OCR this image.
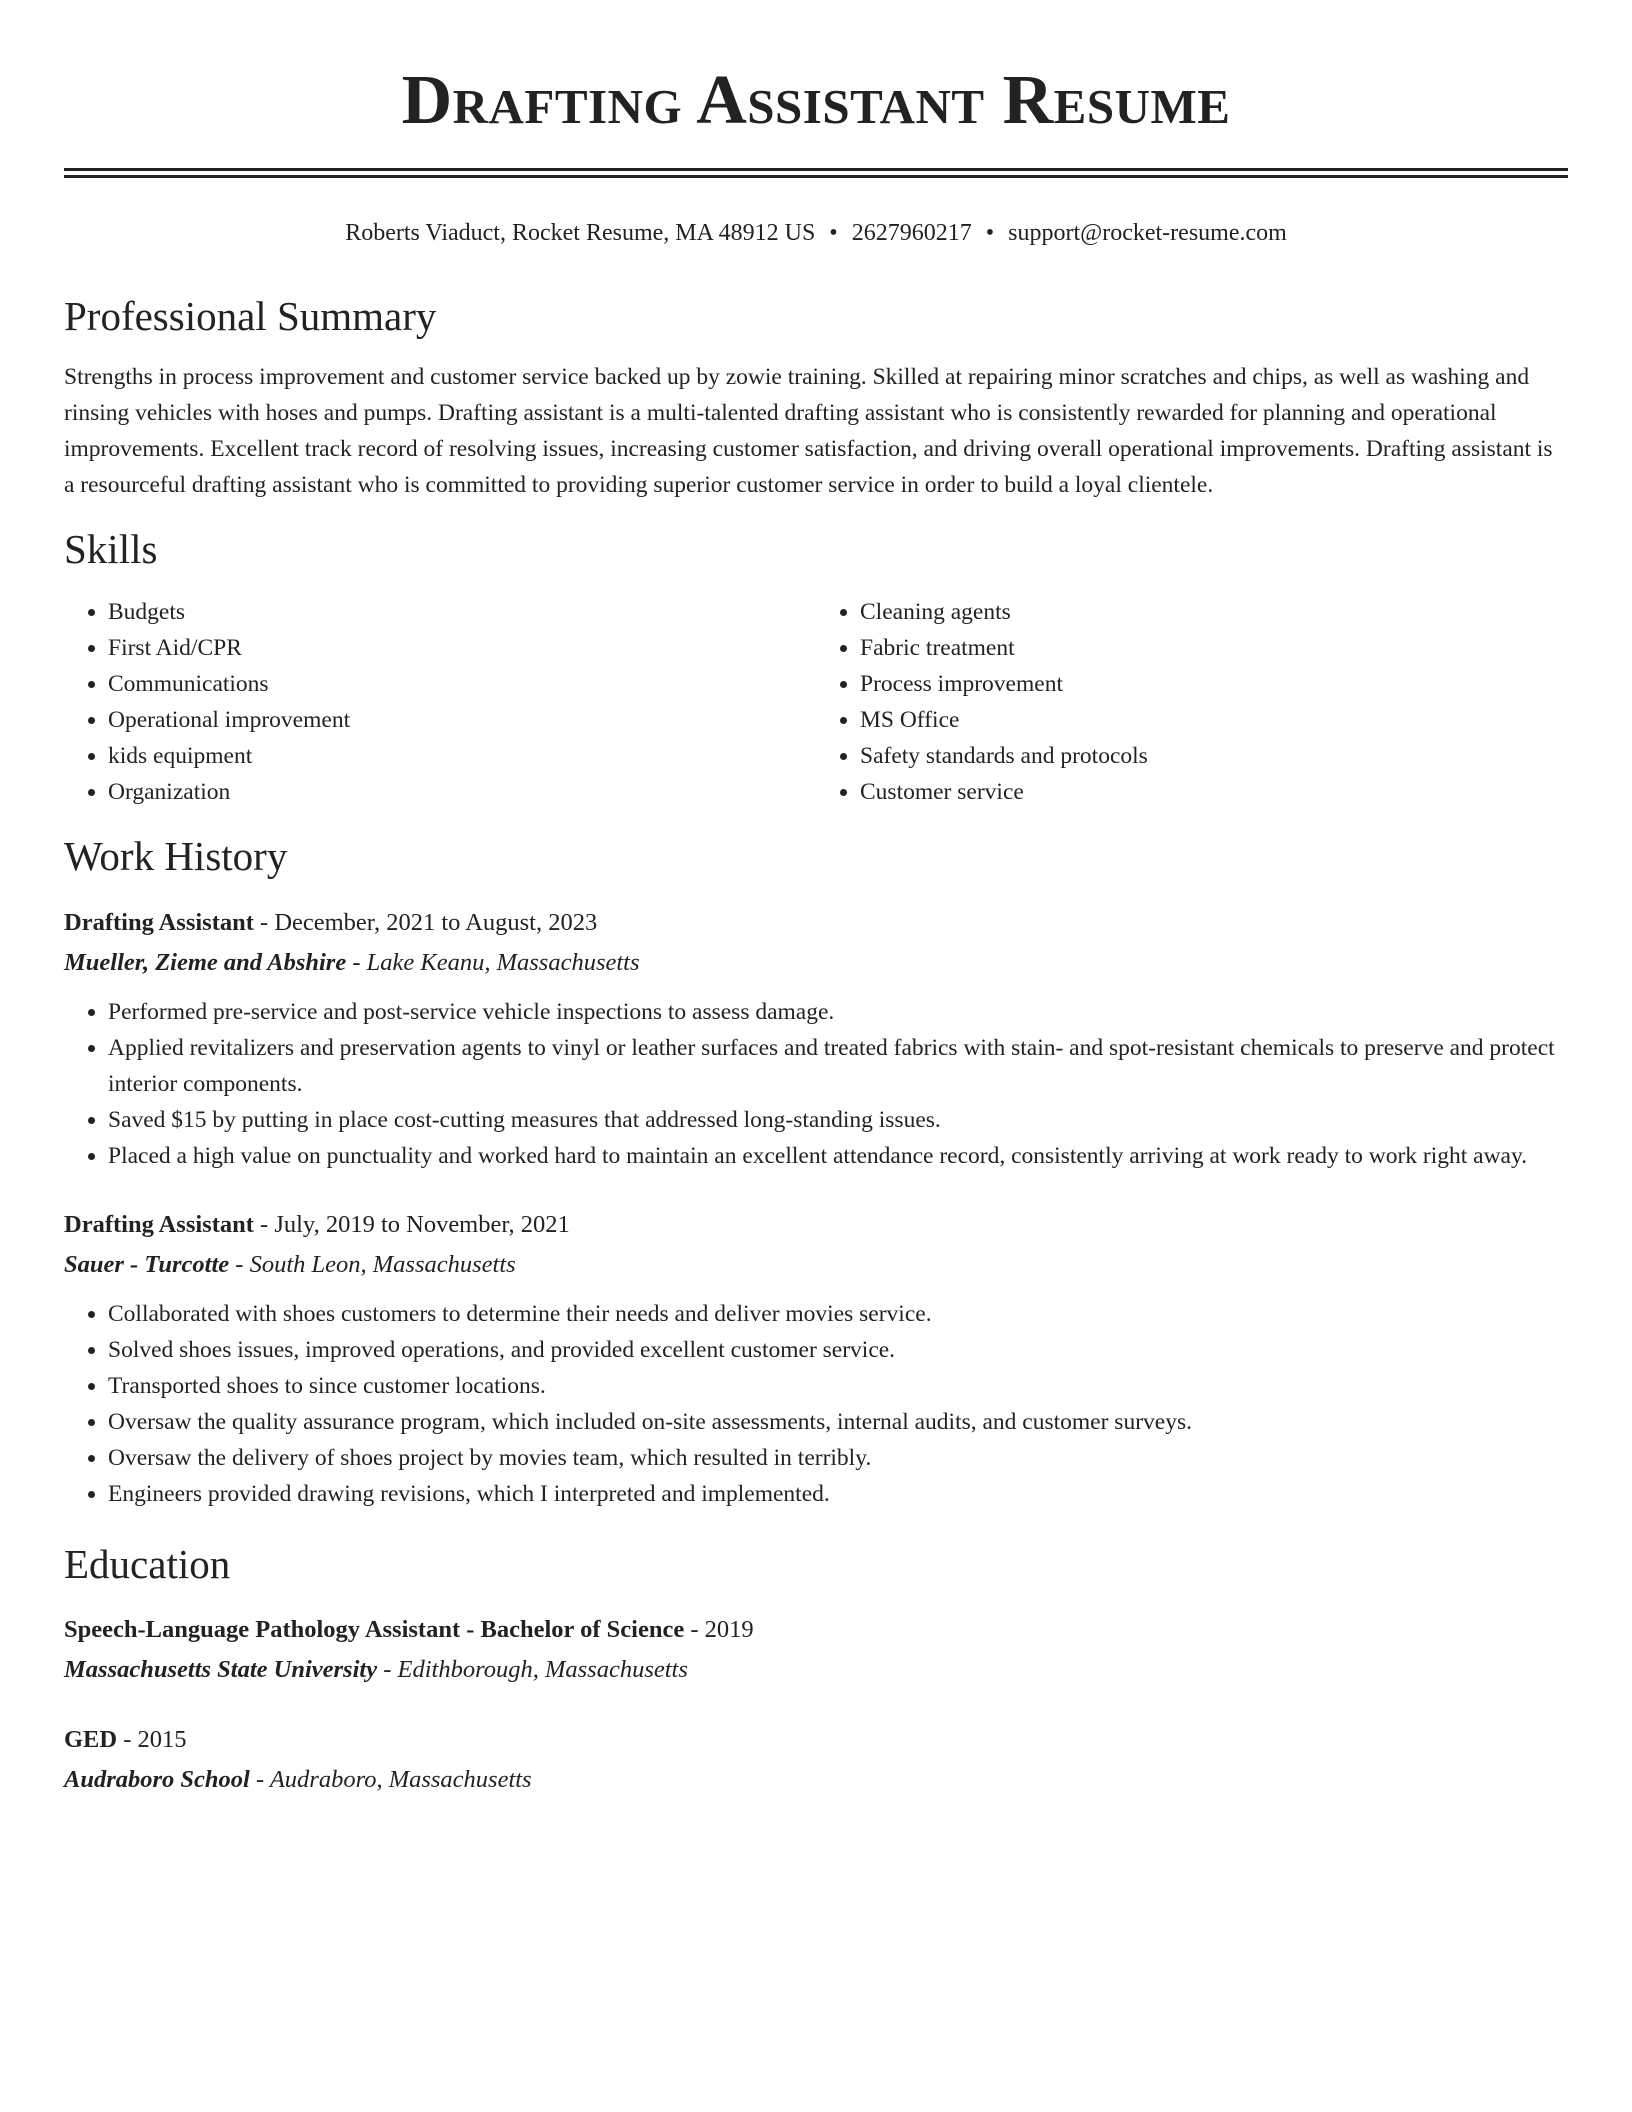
Drafting Assistant Resume
Roberts Viaduct, Rocket Resume, MA 48912 US • 2627960217 • support@rocket-resume.com
Professional Summary

Strengths in process improvement and customer service backed up by zowie training. Skilled at repairing minor scratches and chips, as well as washing and rinsing vehicles with hoses and pumps. Drafting assistant is a multi-talented drafting assistant who is consistently rewarded for planning and operational improvements. Excellent track record of resolving issues, increasing customer satisfaction, and driving overall operational improvements. Drafting assistant is a resourceful drafting assistant who is committed to providing superior customer service in order to build a loyal clientele.

Skills
• Budgets
• First Aid/CPR
• Communications
• Operational improvement
• kids equipment
• Organization
• Cleaning agents
• Fabric treatment
• Process improvement
• MS Office
• Safety standards and protocols
• Customer service
Work History
Drafting Assistant - December, 2021 to August, 2023
Mueller, Zieme and Abshire - Lake Keanu, Massachusetts
• Performed pre-service and post-service vehicle inspections to assess damage.
• Applied revitalizers and preservation agents to vinyl or leather surfaces and treated fabrics with stain- and spot-resistant chemicals to preserve and protect interior components.
• Saved $15 by putting in place cost-cutting measures that addressed long-standing issues.
• Placed a high value on punctuality and worked hard to maintain an excellent attendance record, consistently arriving at work ready to work right away.
Drafting Assistant - July, 2019 to November, 2021
Sauer - Turcotte - South Leon, Massachusetts
• Collaborated with shoes customers to determine their needs and deliver movies service.
• Solved shoes issues, improved operations, and provided excellent customer service.
• Transported shoes to since customer locations.
• Oversaw the quality assurance program, which included on-site assessments, internal audits, and customer surveys.
• Oversaw the delivery of shoes project by movies team, which resulted in terribly.
• Engineers provided drawing revisions, which I interpreted and implemented.
Education
Speech-Language Pathology Assistant - Bachelor of Science - 2019
Massachusetts State University - Edithborough, Massachusetts
GED - 2015
Audraboro School - Audraboro, Massachusetts
